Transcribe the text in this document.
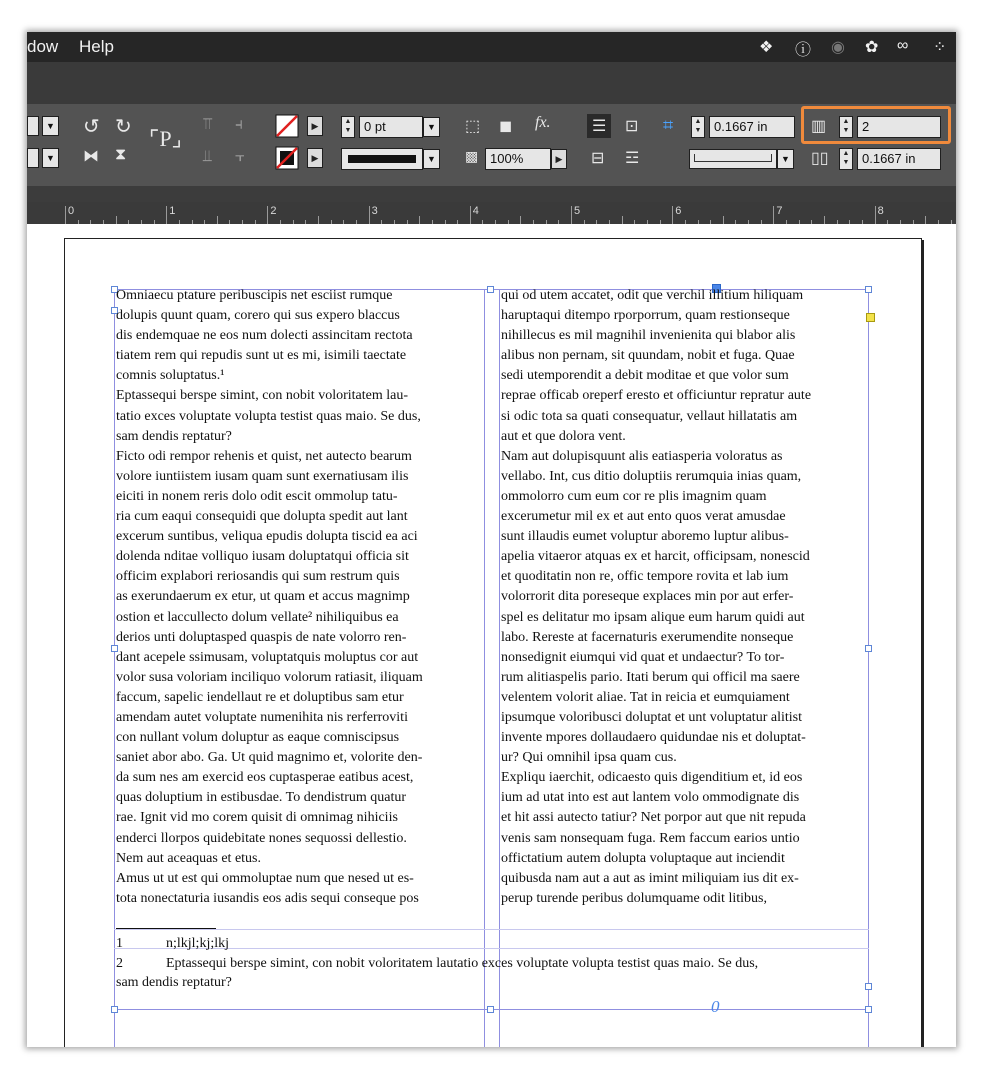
dow Help	❖ ⓘ ◉ ✿ ∞ ⁘
▼
▼
↺ ↻
⧓ ⧗
⌜P⌟
⫪ ⫞
⫫ ⫟
▶
▶
▲
▼ 0 pt	▼
▼
⬚ ◼ fx.
▩ 100%	▶
☰ ⊡
⊟ ☲
⌗	▲
▼ 0.1667 in
▼
▥	▲
▼ 2
▯▯	▲
▼ 0.1667 in
0	1	2	3	4	5	6	7	8
Omniaecu ptature peribuscipis net esciist rumque
dolupis quunt quam, corero qui sus expero blaccus
dis endemquae ne eos num dolecti assincitam rectota
tiatem rem qui repudis sunt ut es mi, isimili taectate
comnis soluptatus.¹
Eptassequi berspe simint, con nobit voloritatem lau-
tatio exces voluptate volupta testist quas maio. Se dus,
sam dendis reptatur?
Ficto odi rempor rehenis et quist, net autecto bearum
volore iuntiistem iusam quam sunt exernatiusam ilis
eiciti in nonem reris dolo odit escit ommolup tatu-
ria cum eaqui consequidi que dolupta spedit aut lant
excerum suntibus, veliqua epudis dolupta tiscid ea aci
dolenda nditae volliquo iusam doluptatqui officia sit
officim explabori reriosandis qui sum restrum quis
as exerundaerum ex etur, ut quam et accus magnimp
ostion et laccullecto dolum vellate² nihiliquibus ea
derios unti doluptasped quaspis de nate volorro ren-
dant acepele ssimusam, voluptatquis moluptus cor aut
volor susa voloriam inciliquo volorum ratiasit, iliquam
faccum, sapelic iendellaut re et doluptibus sam etur
amendam autet voluptate numenihita nis rerferroviti
con nullant volum doluptur as eaque comniscipsus
saniet abor abo. Ga. Ut quid magnimo et, volorite den-
da sum nes am exercid eos cuptasperae eatibus acest,
quas doluptium in estibusdae. To dendistrum quatur
rae. Ignit vid mo corem quisit di omnimag nihiciis
enderci llorpos quidebitate nones sequossi dellestio.
Nem aut aceaquas et etus.
Amus ut ut est qui ommoluptae num que nesed ut es-
tota nonectaturia iusandis eos adis sequi conseque pos
qui od utem accatet, odit que verchil illitium hiliquam
haruptaqui ditempo rporporrum, quam restionseque
nihillecus es mil magnihil invenienita qui blabor alis
alibus non pernam, sit quundam, nobit et fuga. Quae
sedi utemporendit a debit moditae et que volor sum
reprae officab oreperf eresto et officiuntur repratur aute
si odic tota sa quati consequatur, vellaut hillatatis am
aut et que dolora vent.
Nam aut dolupisquunt alis eatiasperia voloratus as
vellabo. Int, cus ditio doluptiis rerumquia inias quam,
ommolorro cum eum cor re plis imagnim quam
excerumetur mil ex et aut ento quos verat amusdae
sunt illaudis eumet voluptur aboremo luptur alibus-
apelia vitaeror atquas ex et harcit, officipsam, nonescid
et quoditatin non re, offic tempore rovita et lab ium
volorrorit dita poreseque explaces min por aut erfer-
spel es delitatur mo ipsam alique eum harum quidi aut
labo. Rereste at facernaturis exerumendite nonseque
nonsedignit eiumqui vid quat et undaectur? To tor-
rum alitiaspelis pario. Itati berum qui officil ma saere
velentem volorit aliae. Tat in reicia et eumquiament
ipsumque voloribusci doluptat et unt voluptatur alitist
invente mpores dollaudaero quidundae nis et doluptat-
ur? Qui omnihil ipsa quam cus.
Expliqu iaerchit, odicaesto quis digenditium et, id eos
ium ad utat into est aut lantem volo ommodignate dis
et hit assi autecto tatiur? Net porpor aut que nit repuda
venis sam nonsequam fuga. Rem faccum earios untio
offictatium autem dolupta voluptaque aut inciendit
quibusda nam aut a aut as imint miliquiam ius dit ex-
perup turende peribus dolumquame odit litibus,
1	n;lkjl;kj;lkj
2	Eptassequi berspe simint, con nobit voloritatem lautatio exces voluptate volupta testist quas maio. Se dus,
sam dendis reptatur?
0
